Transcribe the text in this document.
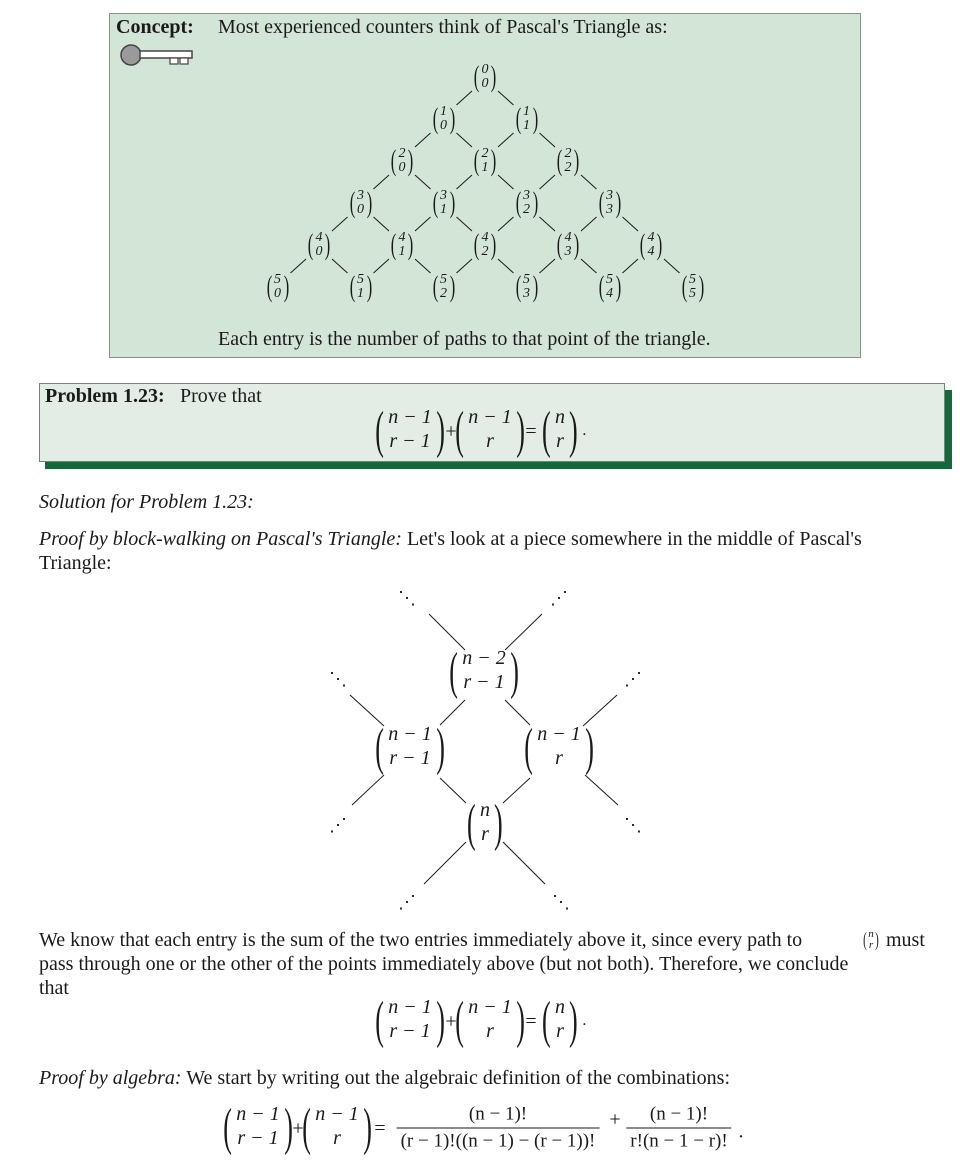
Concept: Most experienced counters think of Pascal's Triangle as:
( 0
0 )
( 1
0 ) ( 1
1 )
( 2
0 ) ( 2
1 ) ( 2
2 )
( 3
0 ) ( 3
1 ) ( 3
2 ) ( 3
3 )
( 4
0 ) ( 4
1 ) ( 4
2 ) ( 4
3 ) ( 4
4 )
( 5
0 ) ( 5
1 ) ( 5
2 ) ( 5
3 ) ( 5
4 ) ( 5
5 )
Each entry is the number of paths to that point of the triangle.
Problem 1.23: Prove that
( n − 1
r − 1 ) +
( n − 1
r ) = ( n
r ) .
Solution for Problem 1.23:
Proof by block-walking on Pascal's Triangle: Let's look at a piece somewhere in the middle of Pascal's
Triangle:
⋱	⋱
⋱	⋱
⋱	⋱
⋱	⋱
( n − 2
r − 1 )
( n − 1
r − 1 ) ( n − 1
r )
( n
r )
We know that each entry is the sum of the two entries immediately above it, since every path to	( n
r ) must
pass through one or the other of the points immediately above (but not both). Therefore, we conclude
that
( n − 1
r − 1 ) +
( n − 1
r ) = ( n
r ) .
Proof by algebra: We start by writing out the algebraic definition of the combinations:
( n − 1
r − 1 ) +
( n − 1
r ) = $\frac{(n - 1)!}{(r - 1)!((n - 1) - (r - 1))!} + \frac{(n - 1)!}{r!(n - 1 - r)!}$ .
